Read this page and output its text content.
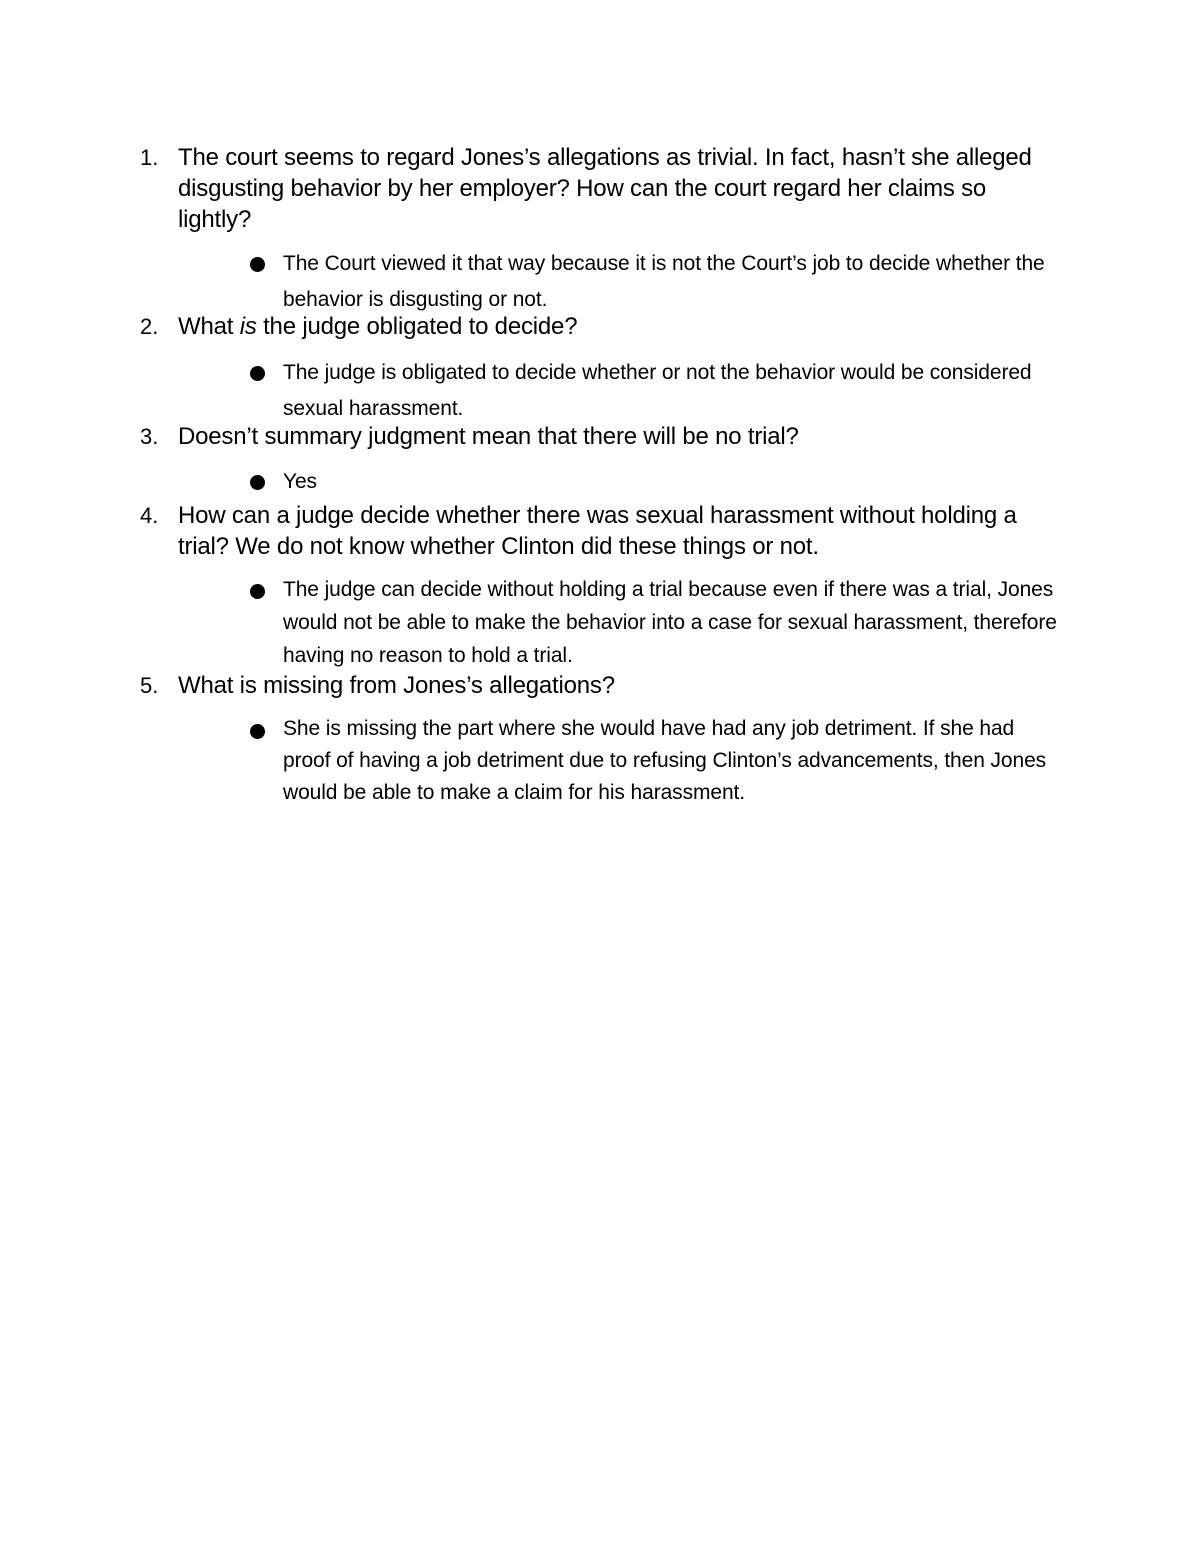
1. The court seems to regard Jones’s allegations as trivial. In fact, hasn’t she alleged disgusting behavior by her employer? How can the court regard her claims so lightly?
The Court viewed it that way because it is not the Court’s job to decide whether the behavior is disgusting or not.
2. What is the judge obligated to decide?
The judge is obligated to decide whether or not the behavior would be considered sexual harassment.
3. Doesn’t summary judgment mean that there will be no trial?
Yes
4. How can a judge decide whether there was sexual harassment without holding a trial? We do not know whether Clinton did these things or not.
The judge can decide without holding a trial because even if there was a trial, Jones would not be able to make the behavior into a case for sexual harassment, therefore having no reason to hold a trial.
5. What is missing from Jones’s allegations?
She is missing the part where she would have had any job detriment. If she had proof of having a job detriment due to refusing Clinton’s advancements, then Jones would be able to make a claim for his harassment.
